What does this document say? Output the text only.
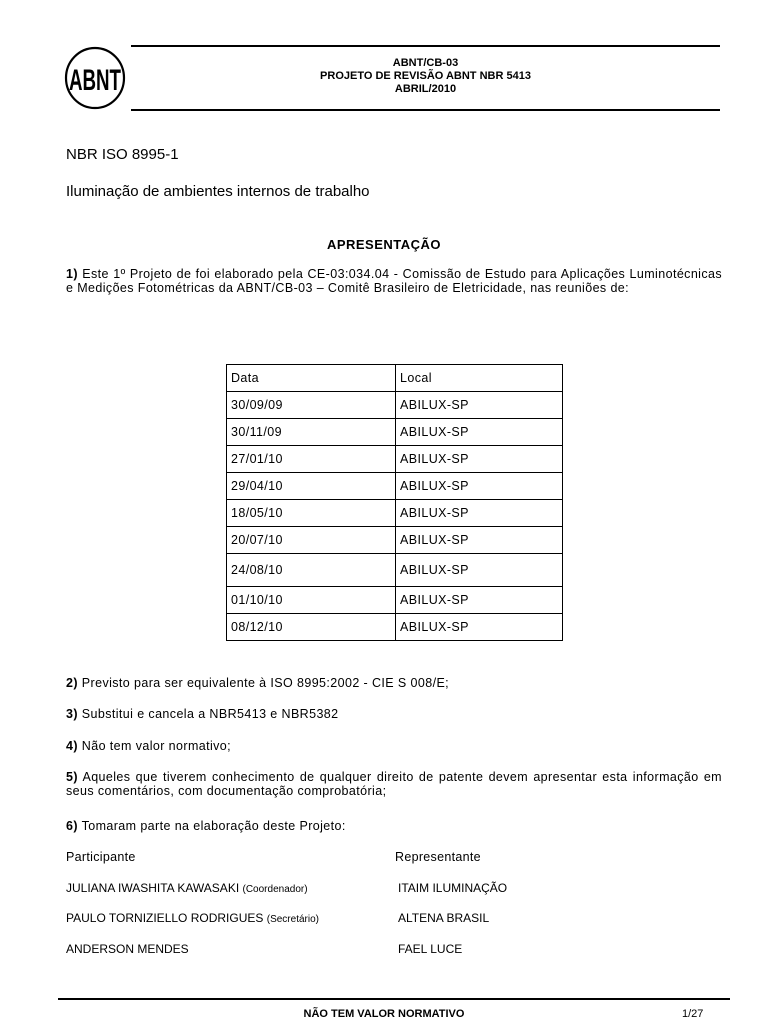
ABNT
ABNT/CB-03
PROJETO DE REVISÃO ABNT NBR 5413
ABRIL/2010
NBR ISO 8995-1
Iluminação de ambientes internos de trabalho
APRESENTAÇÃO
1) Este 1º Projeto de foi elaborado pela CE-03:034.04 - Comissão de Estudo para Aplicações Luminotécnicas e Medições Fotométricas da ABNT/CB-03 – Comitê Brasileiro de Eletricidade, nas reuniões de:
Data	Local
30/09/09	ABILUX-SP
30/11/09	ABILUX-SP
27/01/10	ABILUX-SP
29/04/10	ABILUX-SP
18/05/10	ABILUX-SP
20/07/10	ABILUX-SP
24/08/10	ABILUX-SP
01/10/10	ABILUX-SP
08/12/10	ABILUX-SP
2) Previsto para ser equivalente à ISO 8995:2002 - CIE S 008/E;
3) Substitui e cancela a NBR5413 e NBR5382
4) Não tem valor normativo;
5) Aqueles que tiverem conhecimento de qualquer direito de patente devem apresentar esta informação em seus comentários, com documentação comprobatória;
6) Tomaram parte na elaboração deste Projeto:
Participante	Representante
JULIANA IWASHITA KAWASAKI (Coordenador)	ITAIM ILUMINAÇÃO
PAULO TORNIZIELLO RODRIGUES (Secretário)	ALTENA BRASIL
ANDERSON MENDES	FAEL LUCE
NÃO TEM VALOR NORMATIVO	1/27
